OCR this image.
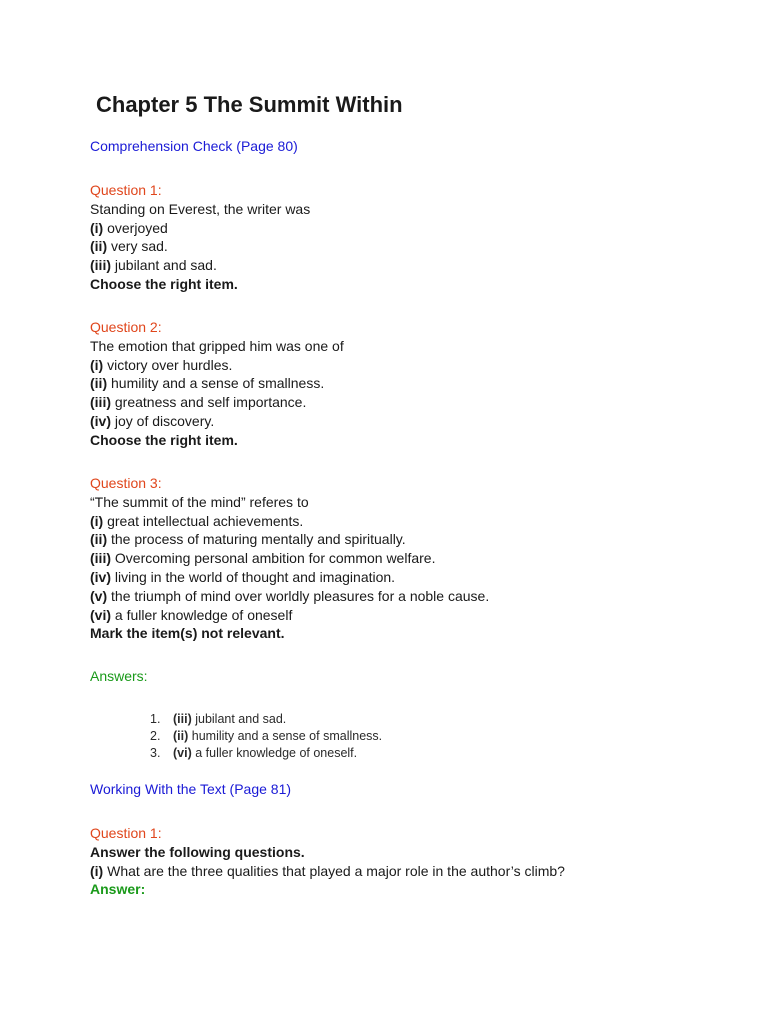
Chapter 5 The Summit Within

Comprehension Check (Page 80)

Question 1:
Standing on Everest, the writer was
(i) overjoyed
(ii) very sad.
(iii) jubilant and sad.
Choose the right item.
Question 2:
The emotion that gripped him was one of
(i) victory over hurdles.
(ii) humility and a sense of smallness.
(iii) greatness and self importance.
(iv) joy of discovery.
Choose the right item.
Question 3:
“The summit of the mind” referes to
(i) great intellectual achievements.
(ii) the process of maturing mentally and spiritually.
(iii) Overcoming personal ambition for common welfare.
(iv) living in the world of thought and imagination.
(v) the triumph of mind over worldly pleasures for a noble cause.
(vi) a fuller knowledge of oneself
Mark the item(s) not relevant.
Answers:
1. (iii) jubilant and sad.
2. (ii) humility and a sense of smallness.
3. (vi) a fuller knowledge of oneself.

Working With the Text (Page 81)

Question 1:
Answer the following questions.
(i) What are the three qualities that played a major role in the author’s climb?
Answer:
